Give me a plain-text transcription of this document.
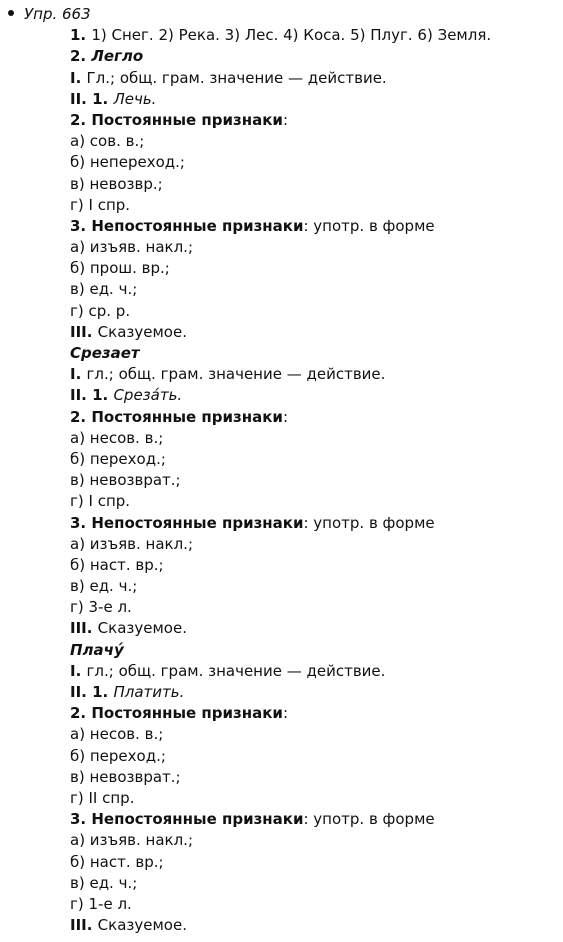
Упр. 663
1. 1) Снег. 2) Река. 3) Лес. 4) Коса. 5) Плуг. 6) Земля.
2. Легло
I. Гл.; общ. грам. значение — действие.
II. 1. Лечь.
2. Постоянные признаки:
а) сов. в.;
б) непереход.;
в) невозвр.;
г) I спр.
3. Непостоянные признаки: употр. в форме
а) изъяв. накл.;
б) прош. вр.;
в) ед. ч.;
г) ср. р.
III. Сказуемое.
Срезает
I. гл.; общ. грам. значение — действие.
II. 1. Срезáть.
2. Постоянные признаки:
а) несов. в.;
б) переход.;
в) невозврат.;
г) I спр.
3. Непостоянные признаки: употр. в форме
а) изъяв. накл.;
б) наст. вр.;
в) ед. ч.;
г) 3-е л.
III. Сказуемое.
Плачý
I. гл.; общ. грам. значение — действие.
II. 1. Платить.
2. Постоянные признаки:
а) несов. в.;
б) переход.;
в) невозврат.;
г) II спр.
3. Непостоянные признаки: употр. в форме
а) изъяв. накл.;
б) наст. вр.;
в) ед. ч.;
г) 1-е л.
III. Сказуемое.
